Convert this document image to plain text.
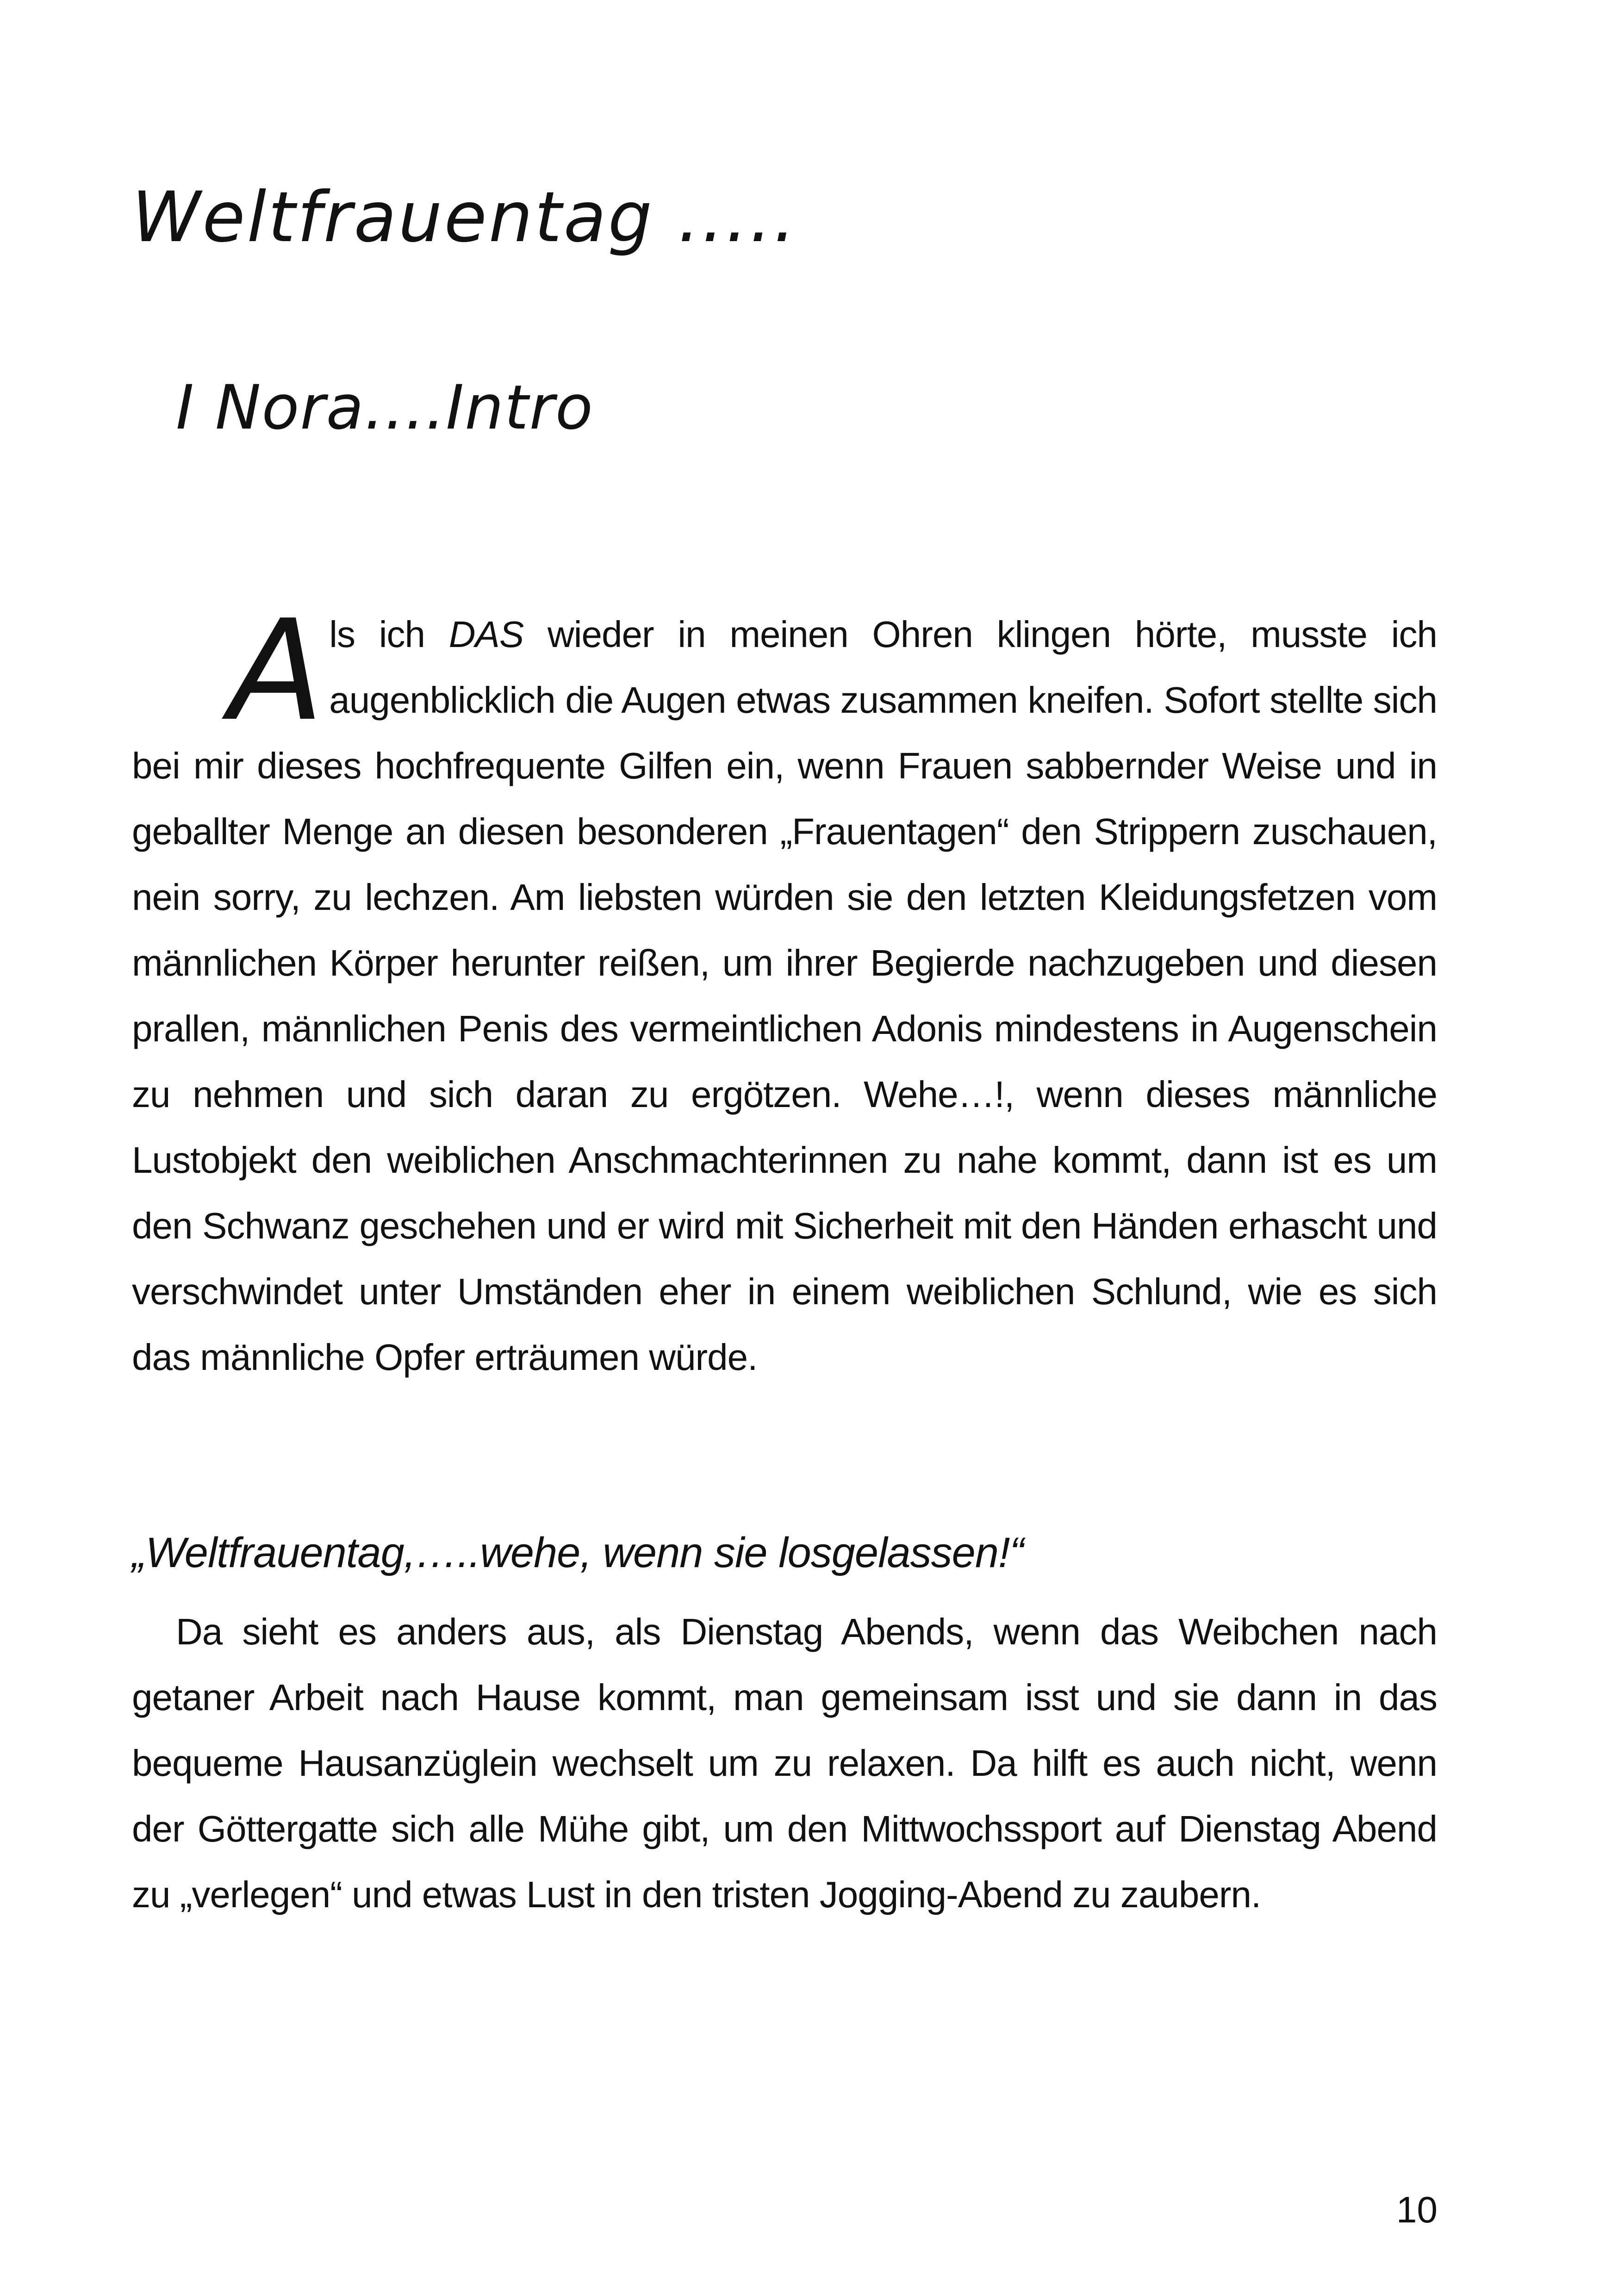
Weltfrauentag .....
I Nora....Intro

Als ich DAS wieder in meinen Ohren klingen hörte, musste ich augenblicklich die Augen etwas zusammen kneifen. Sofort stellte sich bei mir dieses hochfrequente Gilfen ein, wenn Frauen sabbernder Weise und in geballter Menge an diesen besonderen „Frauentagen“ den Strippern zuschauen, nein sorry, zu lechzen. Am liebsten würden sie den letzten Kleidungsfetzen vom männlichen Körper herunter reißen, um ihrer Begierde nachzugeben und diesen prallen, männlichen Penis des vermeintlichen Adonis mindestens in Augenschein zu nehmen und sich daran zu ergötzen. Wehe…!, wenn dieses männliche Lustobjekt den weiblichen Anschmachterinnen zu nahe kommt, dann ist es um den Schwanz geschehen und er wird mit Sicherheit mit den Händen erhascht und verschwindet unter Umständen eher in einem weiblichen Schlund, wie es sich das männliche Opfer erträumen würde.

„Weltfrauentag,…..wehe, wenn sie losgelassen!“

Da sieht es anders aus, als Dienstag Abends, wenn das Weibchen nach getaner Arbeit nach Hause kommt, man gemeinsam isst und sie dann in das bequeme Hausanzüglein wechselt um zu relaxen. Da hilft es auch nicht, wenn der Göttergatte sich alle Mühe gibt, um den Mittwochssport auf Dienstag Abend zu „verlegen“ und etwas Lust in den tristen Jogging-Abend zu zaubern.

10
